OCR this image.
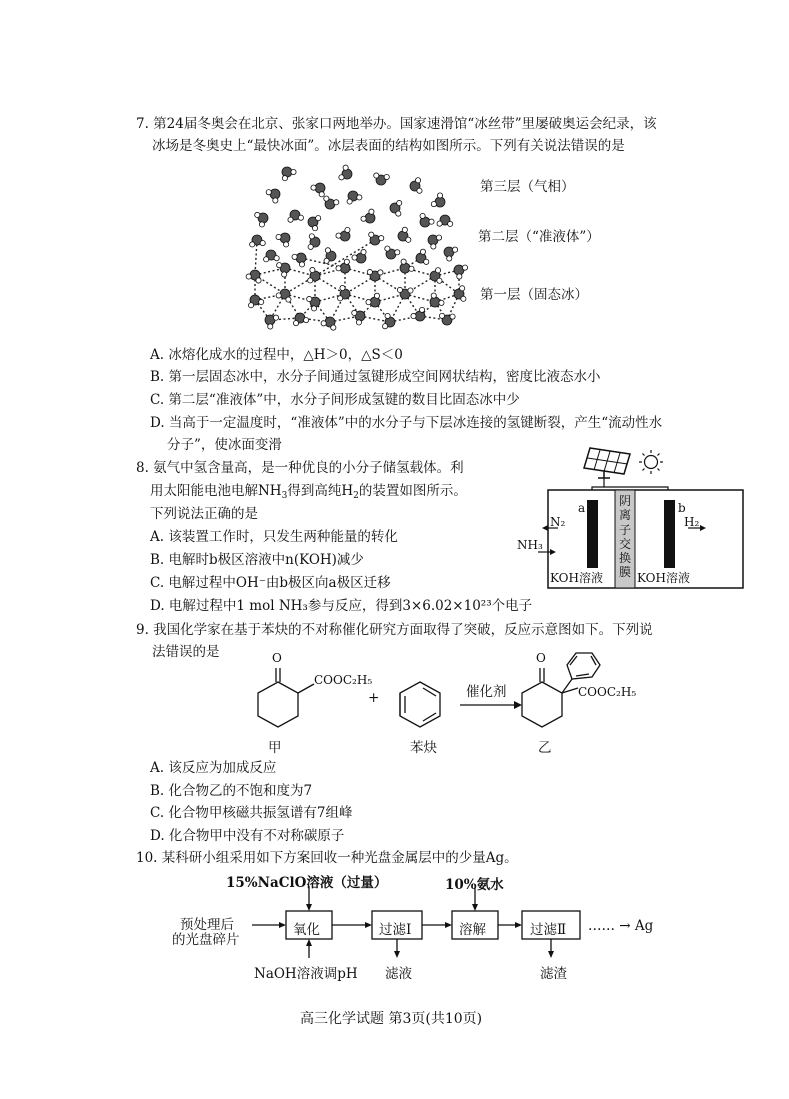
7. 第24届冬奥会在北京、张家口两地举办。国家速滑馆“冰丝带”里屡破奥运会纪录，该
冰场是冬奥史上“最快冰面”。冰层表面的结构如图所示。下列有关说法错误的是
第三层（气相）
第二层（“准液体”）
第一层（固态冰）
A. 冰熔化成水的过程中，△H＞0，△S＜0
B. 第一层固态冰中，水分子间通过氢键形成空间网状结构，密度比液态水小
C. 第二层“准液体”中，水分子间形成氢键的数目比固态冰中少
D. 当高于一定温度时，“准液体”中的水分子与下层冰连接的氢键断裂，产生“流动性水
分子”，使冰面变滑
8. 氨气中氢含量高，是一种优良的小分子储氢载体。利
用太阳能电池电解$NH_3$得到高纯$H_2$的装置如图所示。
下列说法正确的是
A. 该装置工作时，只发生两种能量的转化
B. 电解时b极区溶液中n(KOH)减少
C. 电解过程中OH⁻由b极区向a极区迁移
D. 电解过程中1 mol NH₃参与反应，得到3×6.02×10²³个电子
a	b
阴
离
子
交
换
膜
N₂
NH₃
H₂
KOH溶液	KOH溶液
9. 我国化学家在基于苯炔的不对称催化研究方面取得了突破，反应示意图如下。下列说
法错误的是	O
COOC₂H₅
+	催化剂
O
COOC₂H₅
甲	苯炔	乙
A. 该反应为加成反应
B. 化合物乙的不饱和度为7
C. 化合物甲核磁共振氢谱有7组峰
D. 化合物甲中没有不对称碳原子
10. 某科研小组采用如下方案回收一种光盘金属层中的少量Ag。
15%NaClO溶液（过量）	10%氨水
预处理后
的光盘碎片
氧化	过滤Ⅰ	溶解	过滤Ⅱ …… → Ag
NaOH溶液调pH 滤液	滤渣
高三化学试题 第3页(共10页)
